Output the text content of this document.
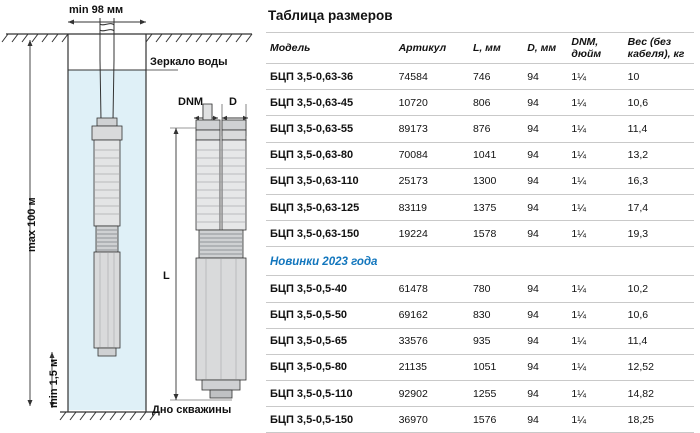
min 98 мм
Зеркало воды
max 100 м
min 1,5 м
Дно скважины
DNM D
L
Таблица размеров
Модель	Артикул	L, мм	D, мм	DNM, дюйм	Вес (без кабеля), кг
БЦП 3,5-0,63-36	74584	746	94	1¼	10
БЦП 3,5-0,63-45	10720	806	94	1¼	10,6
БЦП 3,5-0,63-55	89173	876	94	1¼	11,4
БЦП 3,5-0,63-80	70084	1041	94	1¼	13,2
БЦП 3,5-0,63-110	25173	1300	94	1¼	16,3
БЦП 3,5-0,63-125	83119	1375	94	1¼	17,4
БЦП 3,5-0,63-150	19224	1578	94	1¼	19,3
Новинки 2023 года					
БЦП 3,5-0,5-40	61478	780	94	1¼	10,2
БЦП 3,5-0,5-50	69162	830	94	1¼	10,6
БЦП 3,5-0,5-65	33576	935	94	1¼	11,4
БЦП 3,5-0,5-80	21135	1051	94	1¼	12,52
БЦП 3,5-0,5-110	92902	1255	94	1¼	14,82
БЦП 3,5-0,5-150	36970	1576	94	1¼	18,25
